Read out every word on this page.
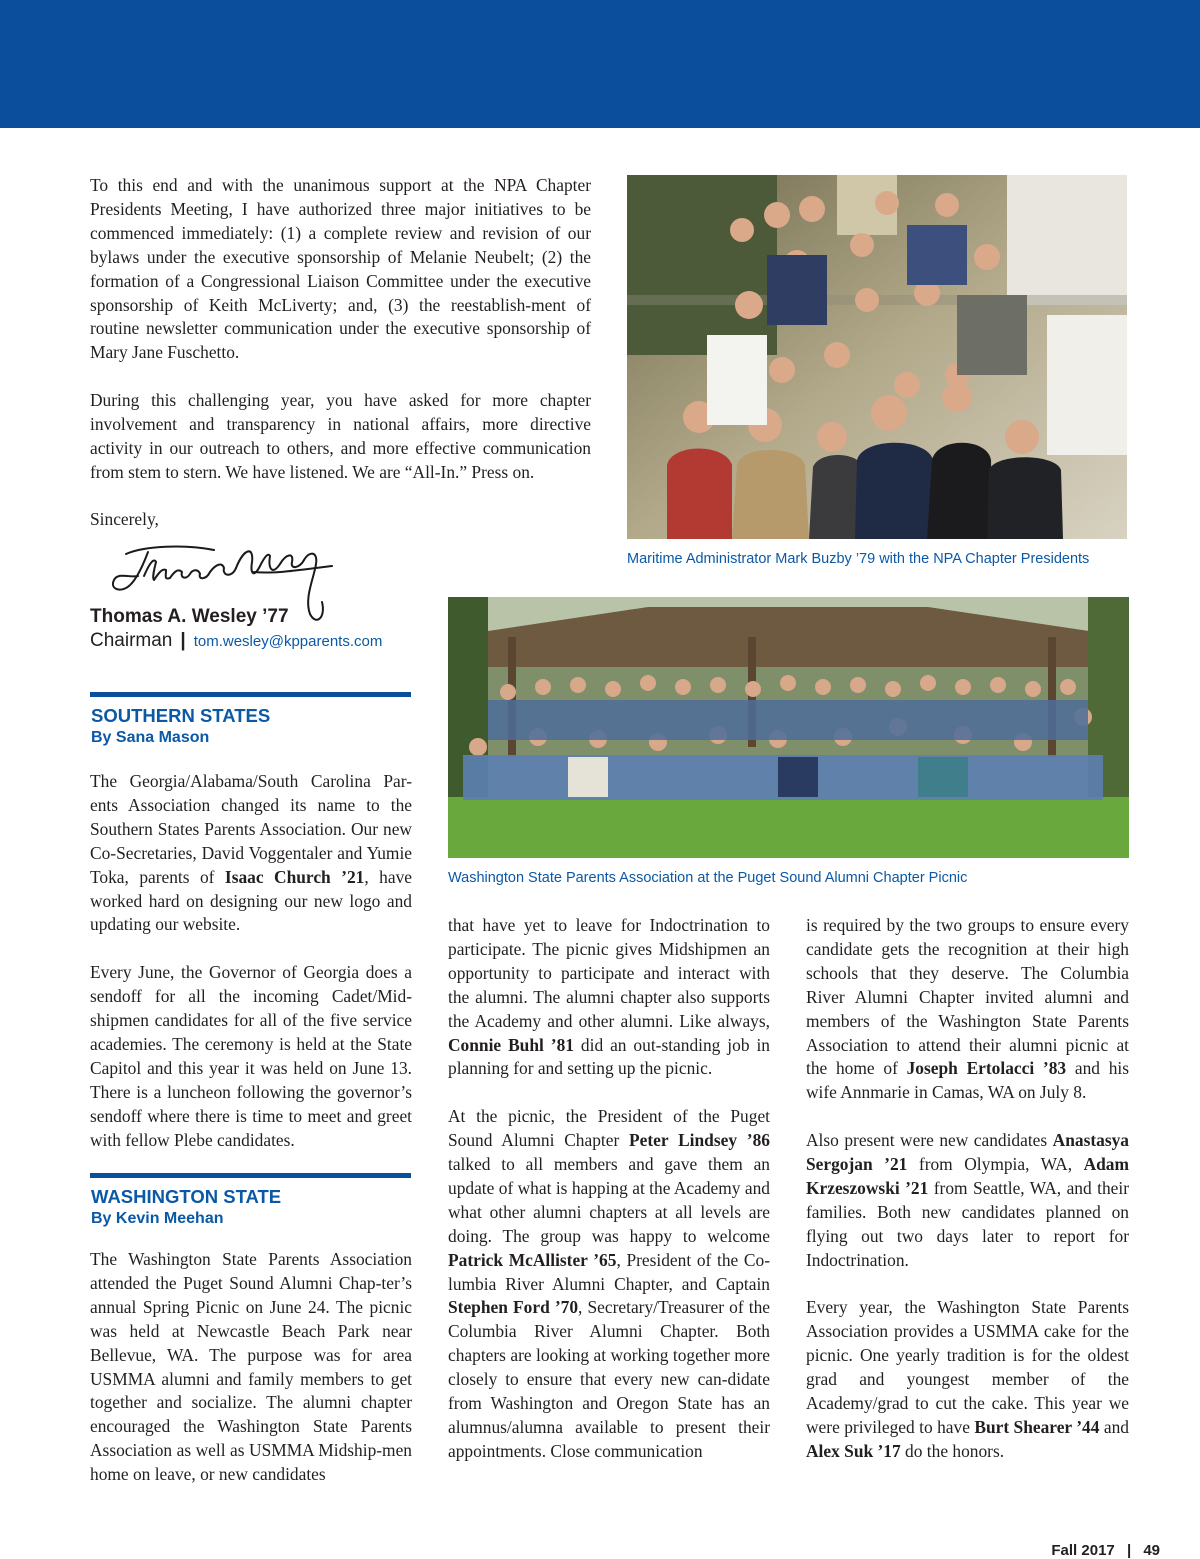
To this end and with the unanimous support at the NPA Chapter Presidents Meeting, I have authorized three major initiatives to be commenced immediately: (1) a complete review and revision of our bylaws under the executive sponsorship of Melanie Neubelt; (2) the formation of a Congressional Liaison Committee under the executive sponsorship of Keith McLiverty; and, (3) the reestablish-ment of routine newsletter communication under the executive sponsorship of Mary Jane Fuschetto.

During this challenging year, you have asked for more chapter involvement and transparency in national affairs, more directive activity in our outreach to others, and more effective communication from stem to stern. We have listened. We are “All-In.” Press on.

Sincerely,

Thomas A. Wesley ’77
Chairman | tom.wesley@kpparents.com
Maritime Administrator Mark Buzby ’79 with the NPA Chapter Presidents
Washington State Parents Association at the Puget Sound Alumni Chapter Picnic
SOUTHERN STATES
By Sana Mason

The Georgia/Alabama/South Carolina Par-ents Association changed its name to the Southern States Parents Association. Our new Co-Secretaries, David Voggentaler and Yumie Toka, parents of Isaac Church ’21, have worked hard on designing our new logo and updating our website.

Every June, the Governor of Georgia does a sendoff for all the incoming Cadet/Mid-shipmen candidates for all of the five service academies. The ceremony is held at the State Capitol and this year it was held on June 13. There is a luncheon following the governor’s sendoff where there is time to meet and greet with fellow Plebe candidates.

WASHINGTON STATE
By Kevin Meehan

The Washington State Parents Association attended the Puget Sound Alumni Chap-ter’s annual Spring Picnic on June 24. The picnic was held at Newcastle Beach Park near Bellevue, WA. The purpose was for area USMMA alumni and family members to get together and socialize. The alumni chapter encouraged the Washington State Parents Association as well as USMMA Midship-men home on leave, or new candidates

that have yet to leave for Indoctrination to participate. The picnic gives Midshipmen an opportunity to participate and interact with the alumni. The alumni chapter also supports the Academy and other alumni. Like always, Connie Buhl ’81 did an out-standing job in planning for and setting up the picnic.

At the picnic, the President of the Puget Sound Alumni Chapter Peter Lindsey ’86 talked to all members and gave them an update of what is happing at the Academy and what other alumni chapters at all levels are doing. The group was happy to welcome Patrick McAllister ’65, President of the Co-lumbia River Alumni Chapter, and Captain Stephen Ford ’70, Secretary/Treasurer of the Columbia River Alumni Chapter. Both chapters are looking at working together more closely to ensure that every new can-didate from Washington and Oregon State has an alumnus/alumna available to present their appointments. Close communication

is required by the two groups to ensure every candidate gets the recognition at their high schools that they deserve. The Columbia River Alumni Chapter invited alumni and members of the Washington State Parents Association to attend their alumni picnic at the home of Joseph Ertolacci ’83 and his wife Annmarie in Camas, WA on July 8.

Also present were new candidates Anastasya Sergojan ’21 from Olympia, WA, Adam Krzeszowski ’21 from Seattle, WA, and their families. Both new candidates planned on flying out two days later to report for Indoctrination.

Every year, the Washington State Parents Association provides a USMMA cake for the picnic. One yearly tradition is for the oldest grad and youngest member of the Academy/grad to cut the cake. This year we were privileged to have Burt Shearer ’44 and Alex Suk ’17 do the honors.

Fall 2017 | 49
